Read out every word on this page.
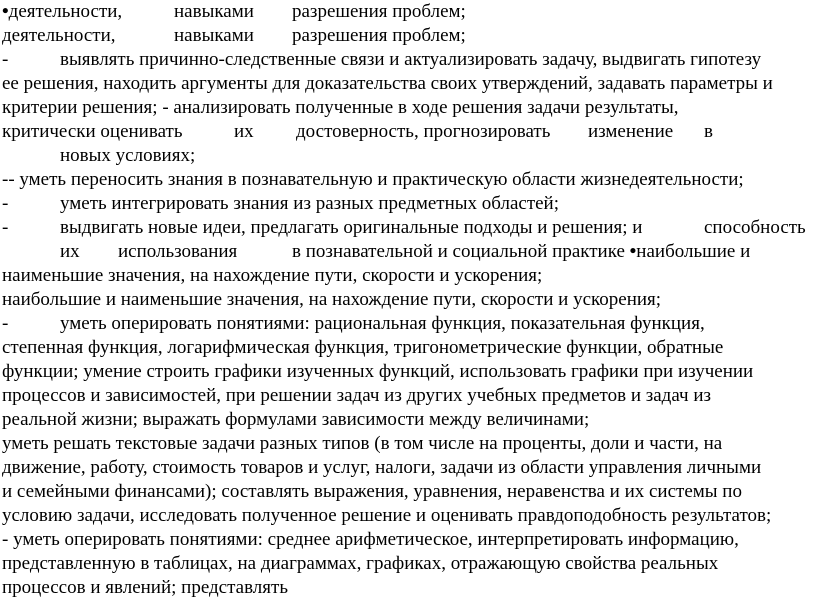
•деятельности,	навыками разрешения проблем;
деятельности,	навыками разрешения проблем;
-	выявлять причинно-следственные связи и актуализировать задачу, выдвигать гипотезу
ее решения, находить аргументы для доказательства своих утверждений, задавать параметры и
критерии решения; - анализировать полученные в ходе решения задачи результаты,
критически оценивать	их достоверность, прогнозировать изменение в
новых условиях;
-- уметь переносить знания в познавательную и практическую области жизнедеятельности;
-	уметь интегрировать знания из разных предметных областей;
-	выдвигать новые идеи, предлагать оригинальные подходы и решения; и	способность
их использования	в познавательной и социальной практике •наибольшие и
наименьшие значения, на нахождение пути, скорости и ускорения;
наибольшие и наименьшие значения, на нахождение пути, скорости и ускорения;
-	уметь оперировать понятиями: рациональная функция, показательная функция,
степенная функция, логарифмическая функция, тригонометрические функции, обратные
функции; умение строить графики изученных функций, использовать графики при изучении
процессов и зависимостей, при решении задач из других учебных предметов и задач из
реальной жизни; выражать формулами зависимости между величинами;
уметь решать текстовые задачи разных типов (в том числе на проценты, доли и части, на
движение, работу, стоимость товаров и услуг, налоги, задачи из области управления личными
и семейными финансами); составлять выражения, уравнения, неравенства и их системы по
условию задачи, исследовать полученное решение и оценивать правдоподобность результатов;
- уметь оперировать понятиями: среднее арифметическое, интерпретировать информацию,
представленную в таблицах, на диаграммах, графиках, отражающую свойства реальных
процессов и явлений; представлять
